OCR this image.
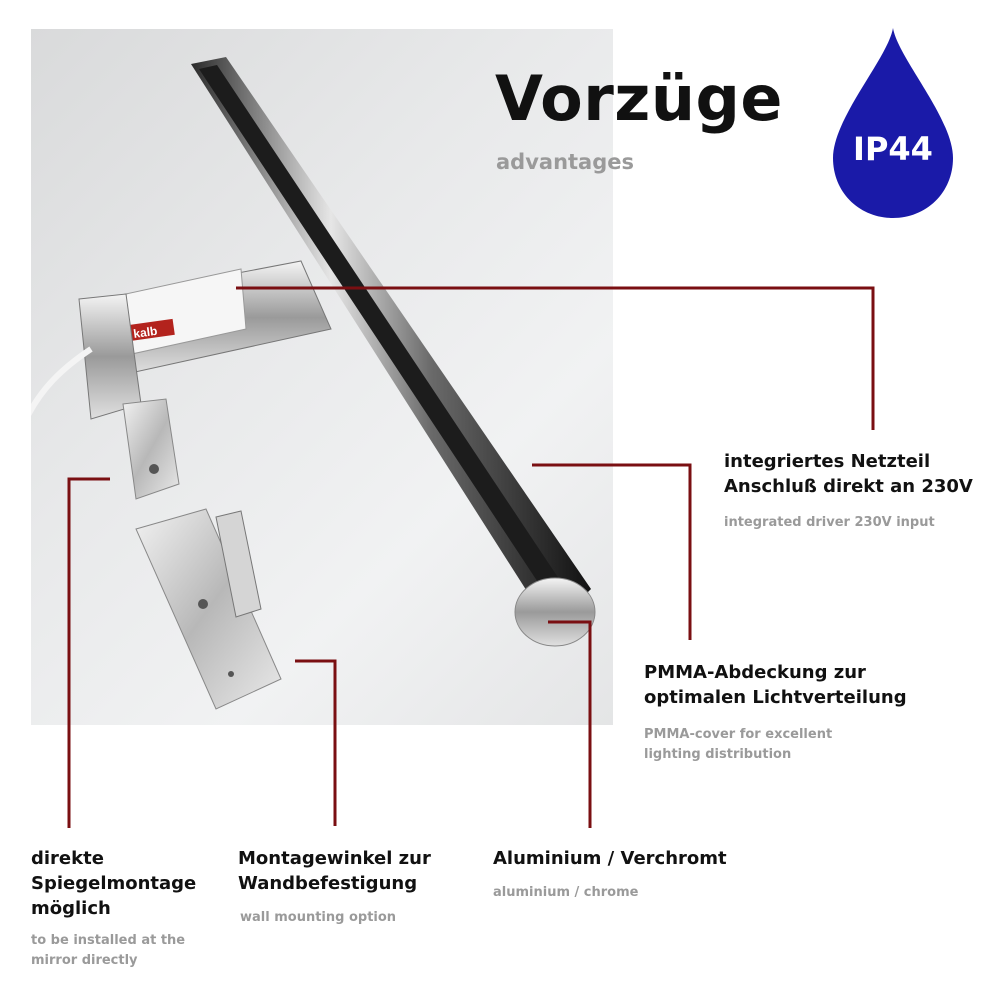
kalb
Vorzüge
advantages	IP44
integriertes Netzteil
Anschluß direkt an 230V
integrated driver 230V input
PMMA-Abdeckung zur
optimalen Lichtverteilung
PMMA-cover for excellent
lighting distribution
direkte
Spiegelmontage
möglich
to be installed at the
mirror directly
Montagewinkel zur
Wandbefestigung
wall mounting option
Aluminium / Verchromt
aluminium / chrome
